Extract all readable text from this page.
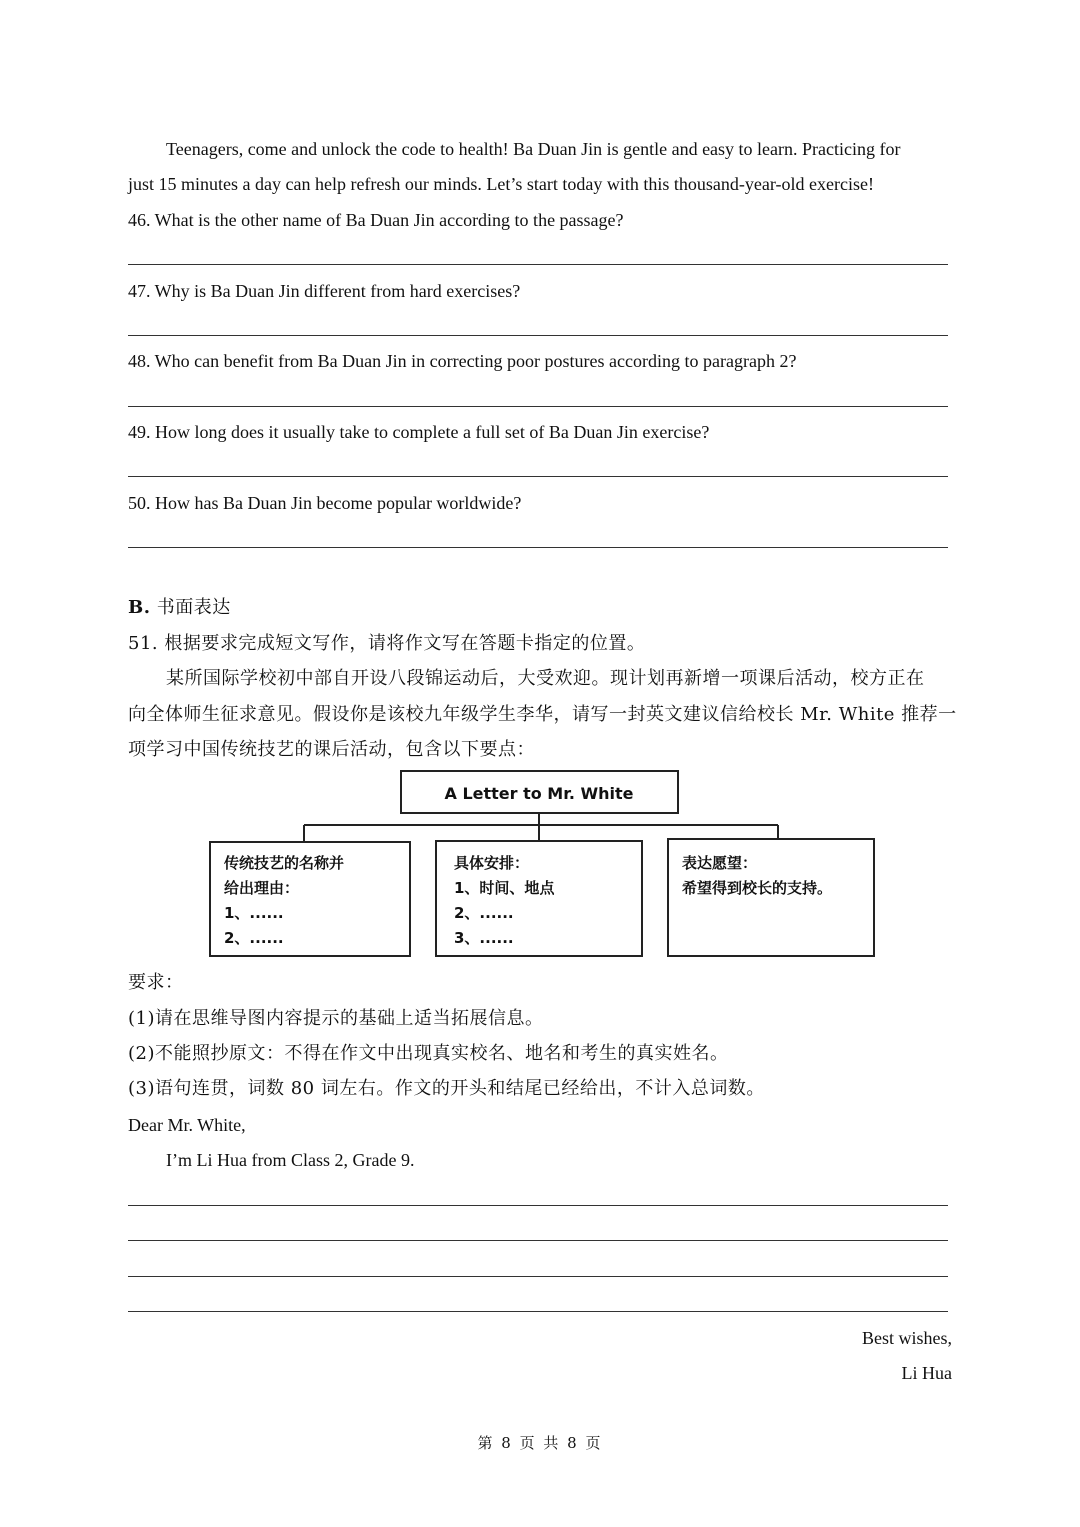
Teenagers, come and unlock the code to health! Ba Duan Jin is gentle and easy to learn. Practicing for
just 15 minutes a day can help refresh our minds. Let’s start today with this thousand-year-old exercise!
46. What is the other name of Ba Duan Jin according to the passage?
47. Why is Ba Duan Jin different from hard exercises?
48. Who can benefit from Ba Duan Jin in correcting poor postures according to paragraph 2?
49. How long does it usually take to complete a full set of Ba Duan Jin exercise?
50. How has Ba Duan Jin become popular worldwide?
B. 书面表达
51. 根据要求完成短文写作，请将作文写在答题卡指定的位置。
某所国际学校初中部自开设八段锦运动后，大受欢迎。现计划再新增一项课后活动，校方正在
向全体师生征求意见。假设你是该校九年级学生李华，请写一封英文建议信给校长 Mr. White 推荐一
项学习中国传统技艺的课后活动，包含以下要点：
A Letter to Mr. White
传统技艺的名称并
给出理由：
1、......
2、......
具体安排：
1、时间、地点
2、......
3、......
表达愿望：
希望得到校长的支持。
要求：
(1)请在思维导图内容提示的基础上适当拓展信息。
(2)不能照抄原文：不得在作文中出现真实校名、地名和考生的真实姓名。
(3)语句连贯，词数 80 词左右。作文的开头和结尾已经给出，不计入总词数。
Dear Mr. White,
I’m Li Hua from Class 2, Grade 9.
Best wishes,
Li Hua
第 8 页 共 8 页
